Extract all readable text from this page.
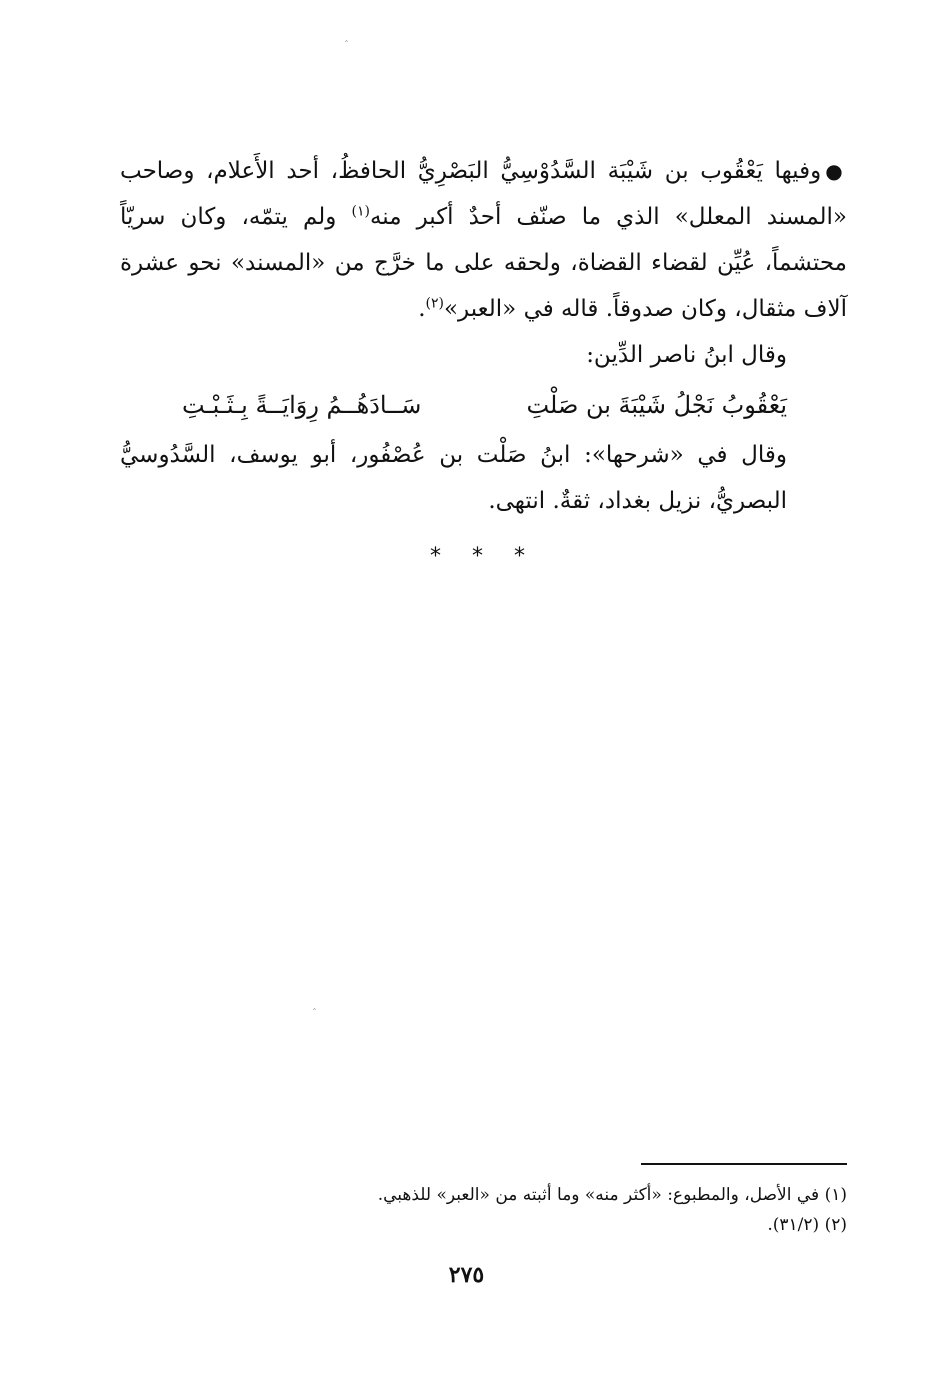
ˆ
ˆ

●وفيها يَعْقُوب بن شَيْبَة السَّدُوْسِيُّ البَصْرِيُّ الحافظُ، أحد الأَعلام، وصاحب «المسند المعلل» الذي ما صنّف أحدٌ أكبر منه$^{(١)}$ ولم يتمّه، وكان سريّاً محتشماً، عُيِّن لقضاء القضاة، ولحقه على ما خرَّج من «المسند» نحو عشرة آلاف مثقال، وكان صدوقاً. قاله في «العبر»$^{(٢)}$.

وقال ابنُ ناصر الدِّين:

يَعْقُوبُ نَجْلُ شَيْبَةَ بن صَلْتِ
سَــادَهُــمُ رِوَايَــةً بِـثَـبْـتِ

وقال في «شرحها»: ابنُ صَلْت بن عُصْفُور، أبو يوسف، السَّدُوسيُّ البصريُّ، نزيل بغداد، ثقةٌ. انتهى.

* * *

(١) في الأصل، والمطبوع: «أكثر منه» وما أثبته من «العبر» للذهبي.

(٢) (٣١/٢).

٢٧٥
